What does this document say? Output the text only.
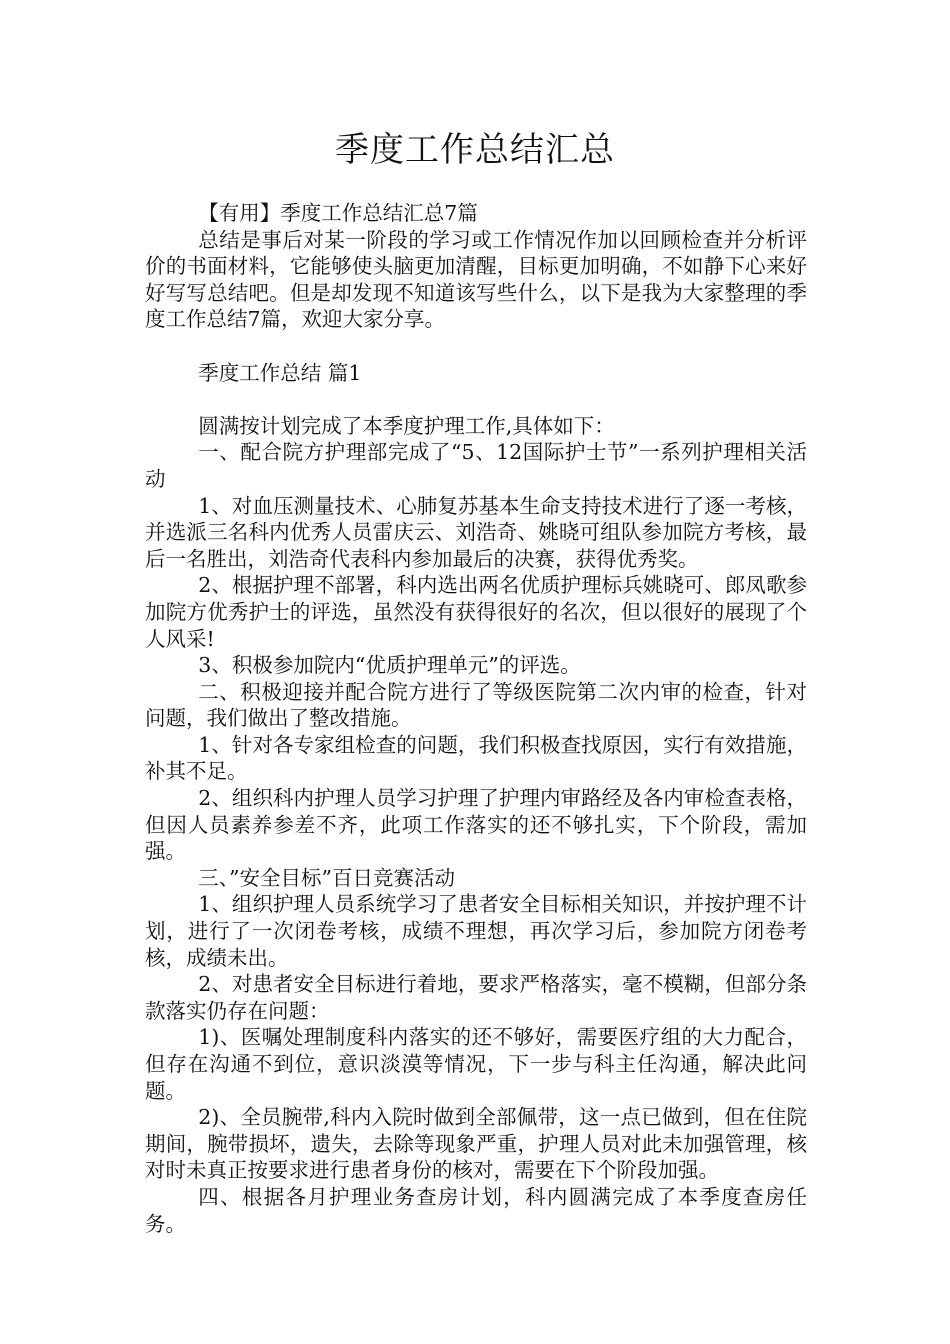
季度工作总结汇总

【有用】季度工作总结汇总7篇

总结是事后对某一阶段的学习或工作情况作加以回顾检查并分析评价的书面材料，它能够使头脑更加清醒，目标更加明确，不如静下心来好好写写总结吧。但是却发现不知道该写些什么，以下是我为大家整理的季度工作总结7篇，欢迎大家分享。

季度工作总结 篇1

圆满按计划完成了本季度护理工作,具体如下：

一、配合院方护理部完成了“5、12国际护士节”一系列护理相关活动

1、对血压测量技术、心肺复苏基本生命支持技术进行了逐一考核，并选派三名科内优秀人员雷庆云、刘浩奇、姚晓可组队参加院方考核，最后一名胜出，刘浩奇代表科内参加最后的决赛，获得优秀奖。

2、根据护理不部署，科内选出两名优质护理标兵姚晓可、郎凤歌参加院方优秀护士的评选，虽然没有获得很好的名次，但以很好的展现了个人风采!

3、积极参加院内“优质护理单元”的评选。

二、积极迎接并配合院方进行了等级医院第二次内审的检查，针对问题，我们做出了整改措施。

1、针对各专家组检查的问题，我们积极查找原因，实行有效措施，补其不足。

2、组织科内护理人员学习护理了护理内审路经及各内审检查表格，但因人员素养参差不齐，此项工作落实的还不够扎实，下个阶段，需加强。

三、”安全目标”百日竞赛活动

1、组织护理人员系统学习了患者安全目标相关知识，并按护理不计划，进行了一次闭卷考核，成绩不理想，再次学习后，参加院方闭卷考核，成绩未出。

2、对患者安全目标进行着地，要求严格落实，毫不模糊，但部分条款落实仍存在问题：

1)、医嘱处理制度科内落实的还不够好，需要医疗组的大力配合，但存在沟通不到位，意识淡漠等情况，下一步与科主任沟通，解决此问题。

2)、全员腕带,科内入院时做到全部佩带，这一点已做到，但在住院期间，腕带损坏，遗失，去除等现象严重，护理人员对此未加强管理，核对时未真正按要求进行患者身份的核对，需要在下个阶段加强。

四、根据各月护理业务查房计划，科内圆满完成了本季度查房任务。
